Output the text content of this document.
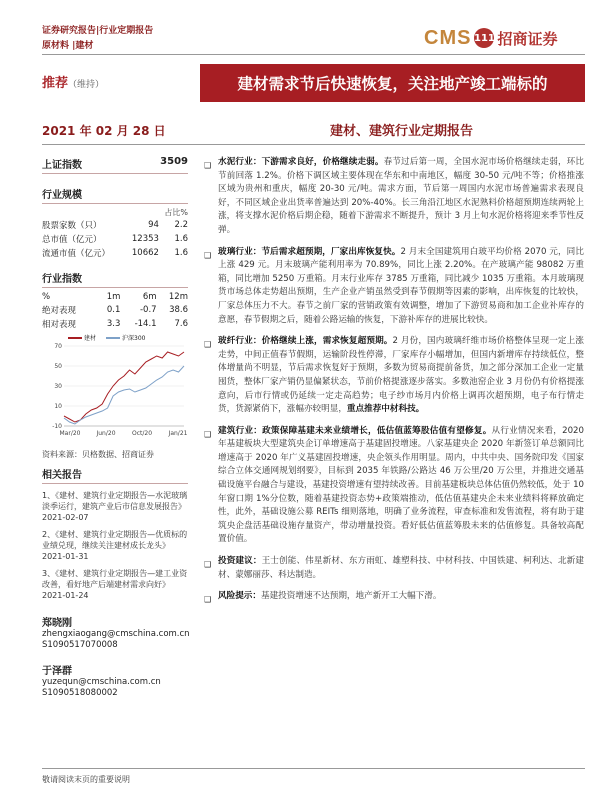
证券研究报告|行业定期报告
原材料 |建材	CMS 111 招商证券
推荐（维持）	建材需求节后快速恢复，关注地产竣工端标的
2021 年 02 月 28 日	建材、建筑行业定期报告
上证指数	3509
行业规模
		占比%
股票家数（只）	94	2.2
总市值（亿元）	12353	1.6
流通市值（亿元）	10662	1.6
行业指数
%	1m	6m	12m
绝对表现	0.1	-0.7	38.6
相对表现	3.3	-14.1	7.6
建材	沪深300
70
50
30
10
-10
Mar/20	Jun/20	Oct/20	Jan/21
资料来源：贝格数据、招商证券
相关报告
1、《建材、建筑行业定期报告—水泥玻璃淡季运行，建筑产业后市信息发展报告》2021-02-07
2、《建材、建筑行业定期报告—优质标的业绩兑现，继续关注建材成长龙头》2021-01-31
3、《建材、建筑行业定期报告—建工业资改善，看好地产后端建材需求向好》2021-01-24
郑晓刚
zhengxiaogang@cmschina.com.cn
S1090517070008
于泽群
yuzequn@cmschina.com.cn
S1090518080002
❑ 水泥行业：下游需求良好，价格继续走弱。春节过后第一周，全国水泥市场价格继续走弱，环比节前回落 1.2%。价格下调区域主要体现在华东和中南地区，幅度 30-50 元/吨不等；价格推涨区域为贵州和重庆，幅度 20-30 元/吨。需求方面，节后第一周国内水泥市场普遍需求表现良好，不同区域企业出货率普遍达到 20%-40%。长三角沿江地区水泥熟料价格超预期连续两轮上涨，将支撑水泥价格后期企稳，随着下游需求不断提升，预计 3 月上旬水泥价格将迎来季节性反弹。
❑ 玻璃行业：节后需求超预期，厂家出库恢复快。2 月末全国建筑用白玻平均价格 2070 元，同比上涨 429 元。月末玻璃产能利用率为 70.89%，同比上涨 2.20%。在产玻璃产能 98082 万重箱，同比增加 5250 万重箱。月末行业库存 3785 万重箱，同比减少 1035 万重箱。本月玻璃现货市场总体走势超出预期，生产企业产销虽然受到春节假期等因素的影响，出库恢复的比较快，厂家总体压力不大。春节之前厂家的营销政策有效调整，增加了下游贸易商和加工企业补库存的意愿，春节假期之后，随着公路运输的恢复，下游补库存的进展比较快。
❑ 玻纤行业：价格继续上涨，需求恢复超预期。2 月份，国内玻璃纤维市场价格整体呈现一定上涨走势，中间正值春节假期，运输阶段性停滞，厂家库存小幅增加，但国内新增库存持续低位，整体增量尚不明显，节后需求恢复好于预期，多数为贸易商提前备货，加之部分深加工企业一定量囤货，整体厂家产销仍显偏紧状态，节前价格提涨逐步落实。多数池窑企业 3 月份仍有价格提涨意向，后市行情或仍延续一定走高趋势；电子纱市场月内价格上调再次超预期，电子布行情走货，货源紧俏下，涨幅亦较明显，重点推荐中材科技。
❑ 建筑行业：政策保障基建未来业绩增长，低估值蓝筹股估值有望修复。从行业情况来看，2020 年基建板块大型建筑央企订单增速高于基建固投增速。八家基建央企 2020 年新签订单总额同比增速高于 2020 年广义基建固投增速，央企领头作用明显。周内，中共中央、国务院印发《国家综合立体交通网规划纲要》，目标到 2035 年铁路/公路达 46 万公里/20 万公里，并推进交通基础设施平台融合与建设，基建投资增速有望持续改善。目前基建板块总体估值仍然较低，处于 10 年窗口期 1%分位数，随着基建投资态势+政策端推动，低估值基建央企未来业绩料将释放确定性，此外，基础设施公募 REITs 细则落地，明确了业务流程，审查标准和发售流程，将有助于建筑央企盘活基础设施存量资产，带动增量投资。看好低估值蓝筹股未来的估值修复。具备较高配置价值。
❑ 投资建议：王士创能、伟星新材、东方雨虹、雄塑科技、中材科技、中国铁建、柯利达、北新建材、蒙娜丽莎、科达制造。
❑ 风险提示：基建投资增速不达预期，地产新开工大幅下滑。
敬请阅读末页的重要说明
